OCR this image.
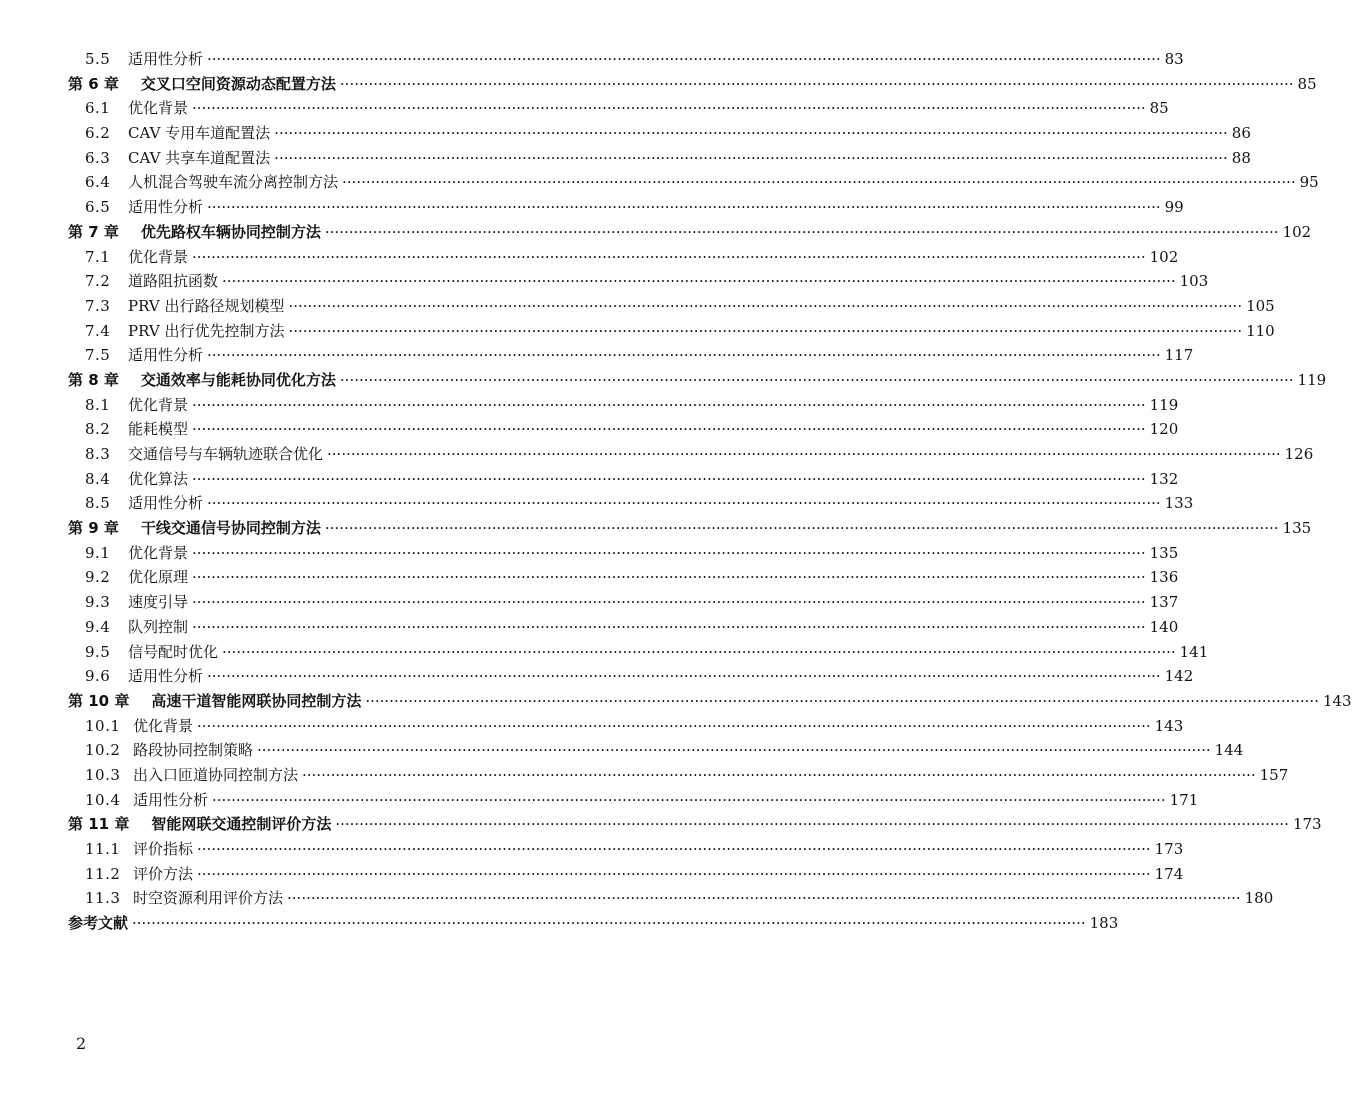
5.5	适用性分析 ········································································································································································································ 83
第 6 章 交叉口空间资源动态配置方法 ········································································································································································································ 85
6.1	优化背景 ········································································································································································································ 85
6.2	CAV 专用车道配置法 ········································································································································································································ 86
6.3	CAV 共享车道配置法 ········································································································································································································ 88
6.4	人机混合驾驶车流分离控制方法 ········································································································································································································ 95
6.5	适用性分析 ········································································································································································································ 99
第 7 章 优先路权车辆协同控制方法 ········································································································································································································ 102
7.1	优化背景 ········································································································································································································ 102
7.2	道路阻抗函数 ········································································································································································································ 103
7.3	PRV 出行路径规划模型 ········································································································································································································ 105
7.4	PRV 出行优先控制方法 ········································································································································································································ 110
7.5	适用性分析 ········································································································································································································ 117
第 8 章 交通效率与能耗协同优化方法 ········································································································································································································ 119
8.1	优化背景 ········································································································································································································ 119
8.2	能耗模型 ········································································································································································································ 120
8.3	交通信号与车辆轨迹联合优化 ········································································································································································································ 126
8.4	优化算法 ········································································································································································································ 132
8.5	适用性分析 ········································································································································································································ 133
第 9 章 干线交通信号协同控制方法 ········································································································································································································ 135
9.1	优化背景 ········································································································································································································ 135
9.2	优化原理 ········································································································································································································ 136
9.3	速度引导 ········································································································································································································ 137
9.4	队列控制 ········································································································································································································ 140
9.5	信号配时优化 ········································································································································································································ 141
9.6	适用性分析 ········································································································································································································ 142
第 10 章 高速干道智能网联协同控制方法 ········································································································································································································ 143
10.1 优化背景 ········································································································································································································ 143
10.2 路段协同控制策略 ········································································································································································································ 144
10.3 出入口匝道协同控制方法 ········································································································································································································ 157
10.4 适用性分析 ········································································································································································································ 171
第 11 章 智能网联交通控制评价方法 ········································································································································································································ 173
11.1 评价指标 ········································································································································································································ 173
11.2 评价方法 ········································································································································································································ 174
11.3 时空资源利用评价方法 ········································································································································································································ 180
参考文献 ········································································································································································································ 183
2
